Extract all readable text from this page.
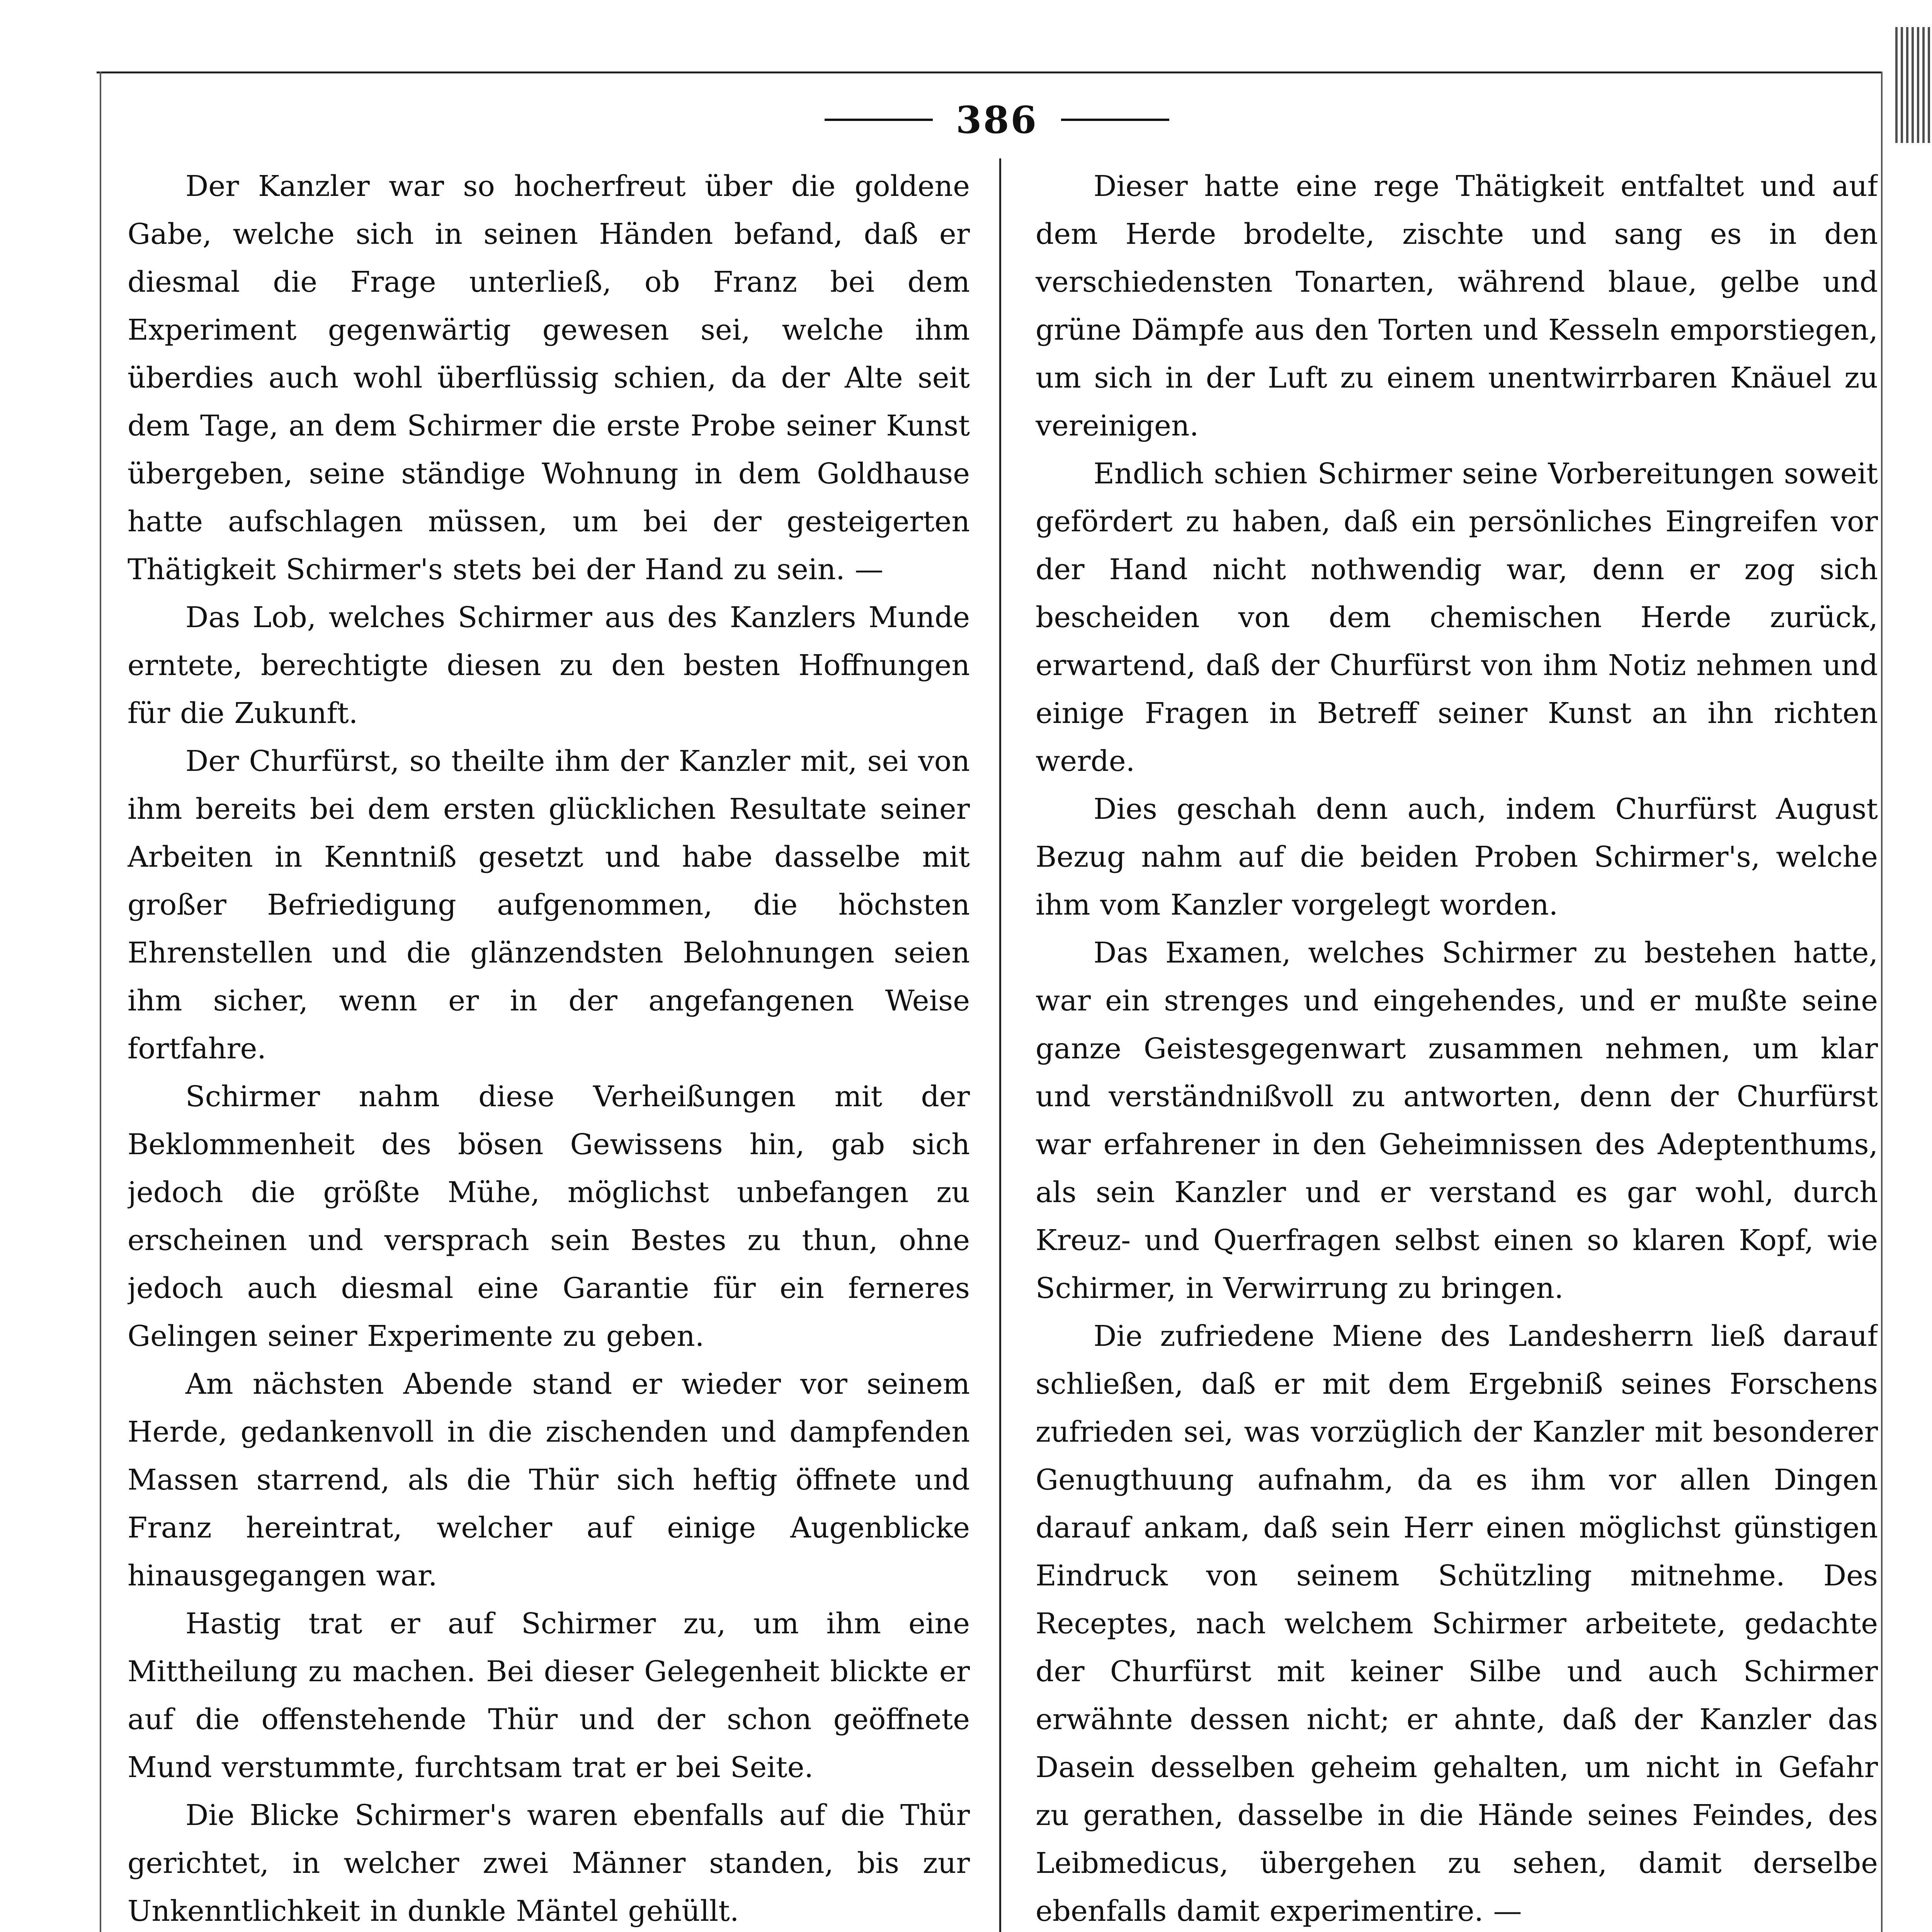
386

Der Kanzler war so hocherfreut über die goldene Gabe, welche sich in seinen Händen befand, daß er diesmal die Frage unterließ, ob Franz bei dem Experiment gegenwärtig gewesen sei, welche ihm überdies auch wohl überflüssig schien, da der Alte seit dem Tage, an dem Schirmer die erste Probe seiner Kunst übergeben, seine ständige Wohnung in dem Goldhause hatte aufschlagen müssen, um bei der gesteigerten Thätigkeit Schirmer's stets bei der Hand zu sein. —

Das Lob, welches Schirmer aus des Kanzlers Munde erntete, berechtigte diesen zu den besten Hoffnungen für die Zukunft.

Der Churfürst, so theilte ihm der Kanzler mit, sei von ihm bereits bei dem ersten glücklichen Resultate seiner Arbeiten in Kenntniß gesetzt und habe dasselbe mit großer Befriedigung aufgenommen, die höchsten Ehrenstellen und die glänzendsten Belohnungen seien ihm sicher, wenn er in der angefangenen Weise fortfahre.

Schirmer nahm diese Verheißungen mit der Beklommenheit des bösen Gewissens hin, gab sich jedoch die größte Mühe, möglichst unbefangen zu erscheinen und versprach sein Bestes zu thun, ohne jedoch auch diesmal eine Garantie für ein ferneres Gelingen seiner Experimente zu geben.

Am nächsten Abende stand er wieder vor seinem Herde, gedankenvoll in die zischenden und dampfenden Massen starrend, als die Thür sich heftig öffnete und Franz hereintrat, welcher auf einige Augenblicke hinausgegangen war.

Hastig trat er auf Schirmer zu, um ihm eine Mittheilung zu machen. Bei dieser Gelegenheit blickte er auf die offenstehende Thür und der schon geöffnete Mund verstummte, furchtsam trat er bei Seite.

Die Blicke Schirmer's waren ebenfalls auf die Thür gerichtet, in welcher zwei Männer standen, bis zur Unkenntlichkeit in dunkle Mäntel gehüllt.

Dieser hatte eine rege Thätigkeit entfaltet und auf dem Herde brodelte, zischte und sang es in den verschiedensten Tonarten, während blaue, gelbe und grüne Dämpfe aus den Torten und Kesseln emporstiegen, um sich in der Luft zu einem unentwirrbaren Knäuel zu vereinigen.

Endlich schien Schirmer seine Vorbereitungen soweit gefördert zu haben, daß ein persönliches Eingreifen vor der Hand nicht nothwendig war, denn er zog sich bescheiden von dem chemischen Herde zurück, erwartend, daß der Churfürst von ihm Notiz nehmen und einige Fragen in Betreff seiner Kunst an ihn richten werde.

Dies geschah denn auch, indem Churfürst August Bezug nahm auf die beiden Proben Schirmer's, welche ihm vom Kanzler vorgelegt worden.

Das Examen, welches Schirmer zu bestehen hatte, war ein strenges und eingehendes, und er mußte seine ganze Geistesgegenwart zusammen nehmen, um klar und verständnißvoll zu antworten, denn der Churfürst war erfahrener in den Geheimnissen des Adeptenthums, als sein Kanzler und er verstand es gar wohl, durch Kreuz- und Querfragen selbst einen so klaren Kopf, wie Schirmer, in Verwirrung zu bringen.

Die zufriedene Miene des Landesherrn ließ darauf schließen, daß er mit dem Ergebniß seines Forschens zufrieden sei, was vorzüglich der Kanzler mit besonderer Genugthuung aufnahm, da es ihm vor allen Dingen darauf ankam, daß sein Herr einen möglichst günstigen Eindruck von seinem Schützling mitnehme. Des Receptes, nach welchem Schirmer arbeitete, gedachte der Churfürst mit keiner Silbe und auch Schirmer erwähnte dessen nicht; er ahnte, daß der Kanzler das Dasein desselben geheim gehalten, um nicht in Gefahr zu gerathen, dasselbe in die Hände seines Feindes, des Leibmedicus, übergehen zu sehen, damit derselbe ebenfalls damit experimentire. —
